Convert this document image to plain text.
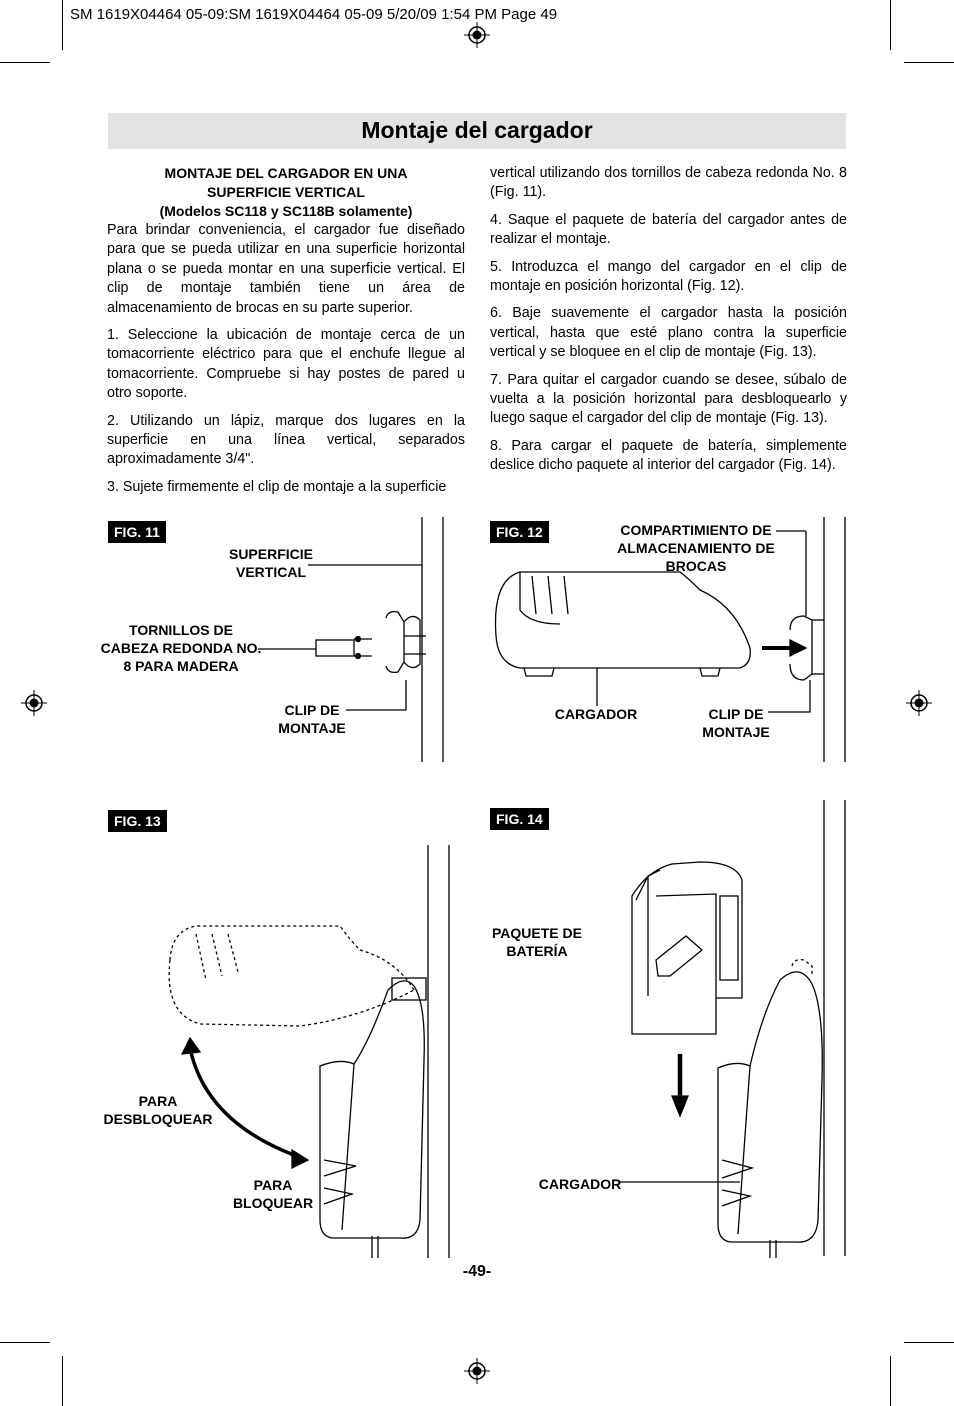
SM 1619X04464 05-09:SM 1619X04464 05-09 5/20/09 1:54 PM Page 49
Montaje del cargador
MONTAJE DEL CARGADOR EN UNA
SUPERFICIE VERTICAL
(Modelos SC118 y SC118B solamente)

Para brindar conveniencia, el cargador fue diseñado para que se pueda utilizar en una superficie horizontal plana o se pueda montar en una superficie vertical. El clip de montaje también tiene un área de almacenamiento de brocas en su parte superior.

1. Seleccione la ubicación de montaje cerca de un tomacorriente eléctrico para que el enchufe llegue al tomacorriente. Compruebe si hay postes de pared u otro soporte.

2. Utilizando un lápiz, marque dos lugares en la superficie en una línea vertical, separados aproximadamente 3/4".

3. Sujete firmemente el clip de montaje a la superficie

vertical utilizando dos tornillos de cabeza redonda No. 8 (Fig. 11).

4. Saque el paquete de batería del cargador antes de realizar el montaje.

5. Introduzca el mango del cargador en el clip de montaje en posición horizontal (Fig. 12).

6. Baje suavemente el cargador hasta la posición vertical, hasta que esté plano contra la superficie vertical y se bloquee en el clip de montaje (Fig. 13).

7. Para quitar el cargador cuando se desee, súbalo de vuelta a la posición horizontal para desbloquearlo y luego saque el cargador del clip de montaje (Fig. 13).

8. Para cargar el paquete de batería, simplemente deslice dicho paquete al interior del cargador (Fig. 14).

FIG. 11
SUPERFICIE
VERTICAL
TORNILLOS DE
CABEZA REDONDA NO.
8 PARA MADERA
CLIP DE
MONTAJE
FIG. 12	COMPARTIMIENTO DE
ALMACENAMIENTO DE BROCAS
CARGADOR	CLIP DE
MONTAJE
FIG. 13
PARA
DESBLOQUEAR
PARA
BLOQUEAR
FIG. 14
PAQUETE DE
BATERÍA
CARGADOR
-49-
